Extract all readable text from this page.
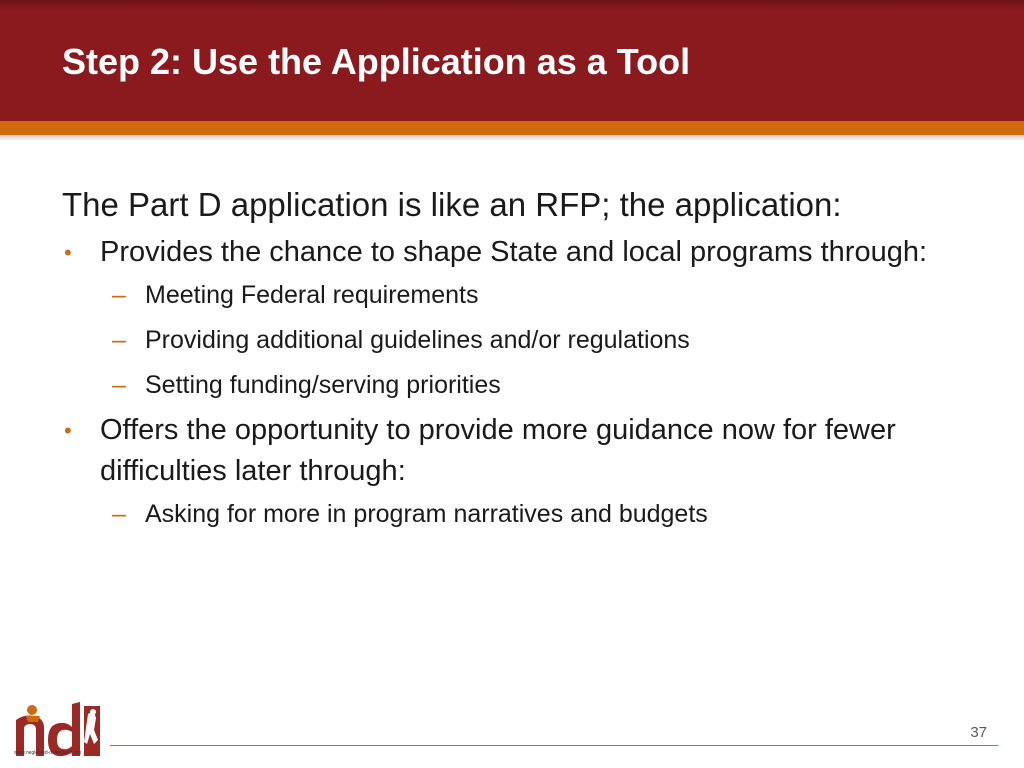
Step 2: Use the Application as a Tool

The Part D application is like an RFP; the application:

• Provides the chance to shape State and local programs through:
– Meeting Federal requirements
– Providing additional guidelines and/or regulations
– Setting funding/serving priorities
• Offers the opportunity to provide more guidance now for fewer difficulties later through:
– Asking for more in program narratives and budgets
www.neglected-delinquent.org
37
